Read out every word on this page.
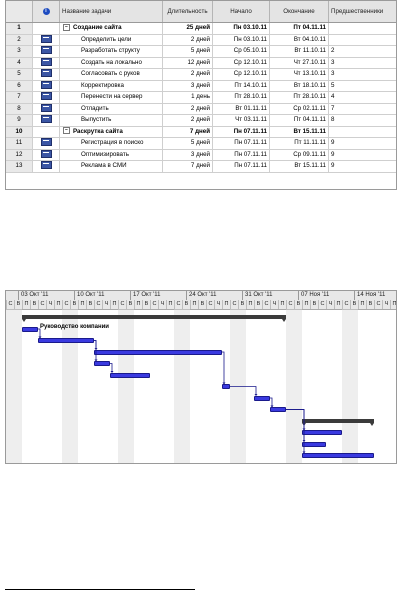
i	Название задачи	Длительность	Начало	Окончание	Предшественники
1	− Создание сайта	25 дней	Пн 03.10.11	Пт 04.11.11
2	Определить цели	2 дней	Пн 03.10.11	Вт 04.10.11
3	Разработать структу	5 дней	Ср 05.10.11	Вт 11.10.11 2
4	Создать на локально	12 дней	Ср 12.10.11	Чт 27.10.11 3
5	Согласовать с руков	2 дней	Ср 12.10.11	Чт 13.10.11 3
6	Корректировка	3 дней	Пт 14.10.11	Вт 18.10.11 5
7	Перенести на сервер	1 день	Пт 28.10.11	Пт 28.10.11 4
8	Отладить	2 дней	Вт 01.11.11	Ср 02.11.11 7
9	Выпустить	2 дней	Чт 03.11.11	Пт 04.11.11 8
10	− Раскрутка сайта	7 дней	Пн 07.11.11	Вт 15.11.11
11	Регистрация в поиско	5 дней	Пн 07.11.11	Пт 11.11.11 9
12	Оптимизировать	3 дней	Пн 07.11.11	Ср 09.11.11 9
13	Реклама в СМИ	7 дней	Пн 07.11.11	Вт 15.11.11 9
03 Окт '11	10 Окт '11	17 Окт '11	24 Окт '11	31 Окт '11	07 Ноя '11	14 Ноя '11
С В П В С Ч П С В П В С Ч П С В П В С Ч П С В П В С Ч П С В П В С Ч П С В П В С Ч П С В П В С Ч П
Руководство компании
